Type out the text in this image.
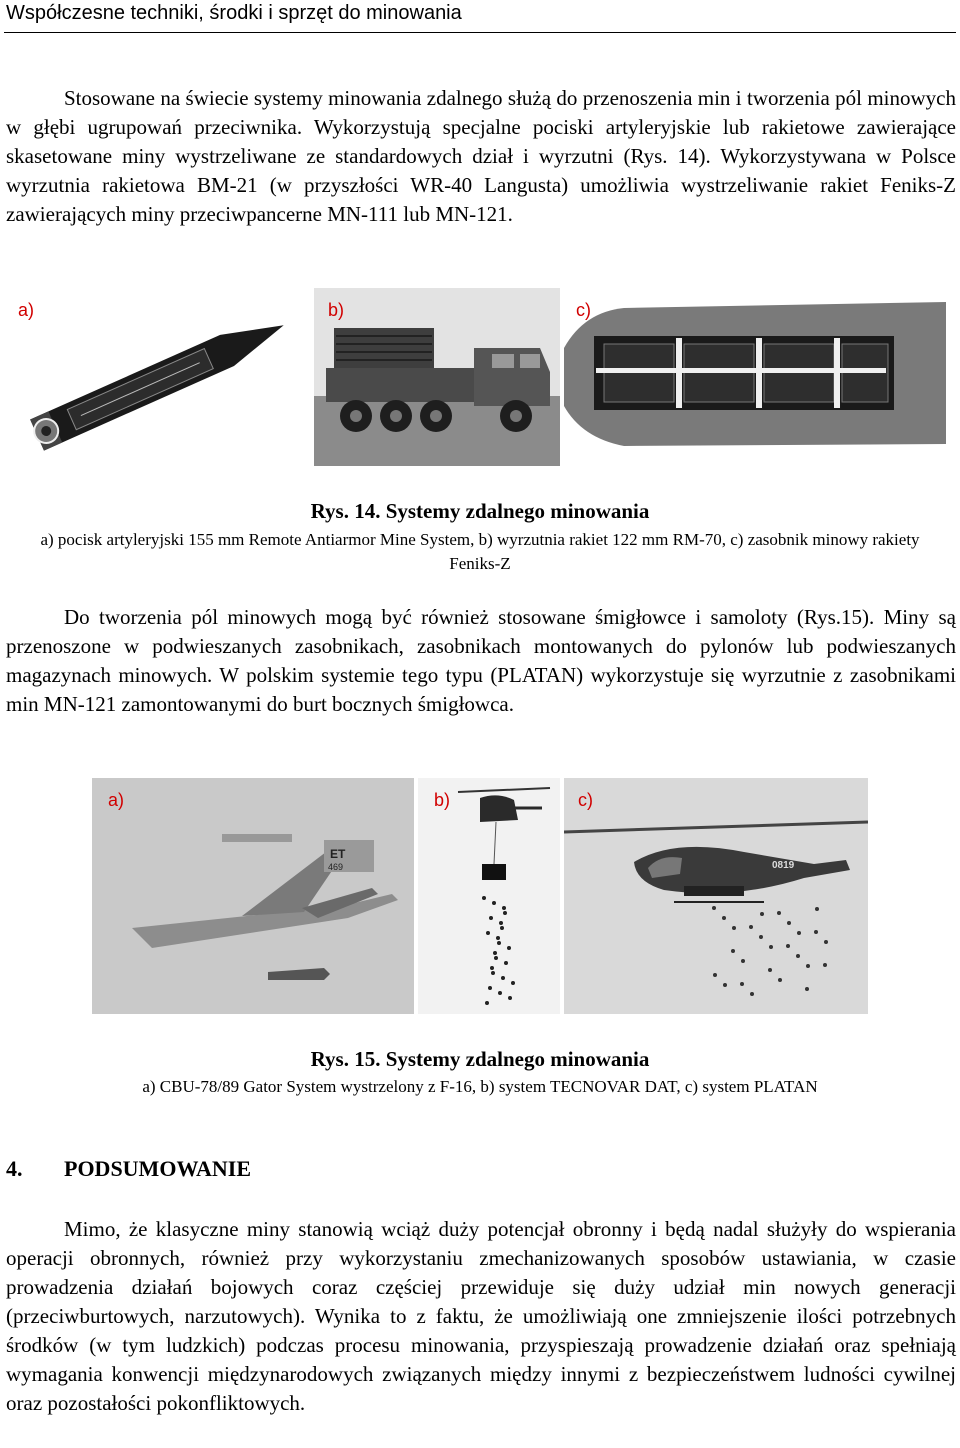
Współczesne techniki, środki i sprzęt do minowania

Stosowane na świecie systemy minowania zdalnego służą do przenoszenia min i tworzenia pól minowych w głębi ugrupowań przeciwnika. Wykorzystują specjalne pociski artyleryjskie lub rakietowe zawierające skasetowane miny wystrzeliwane ze standardowych dział i wyrzutni (Rys. 14). Wykorzystywana w Polsce wyrzutnia rakietowa BM-21 (w przyszłości WR-40 Langusta) umożliwia wystrzeliwanie rakiet Feniks-Z zawierających miny przeciwpancerne MN-111 lub MN-121.

a)	b)	c)
Rys. 14. Systemy zdalnego minowania
a) pocisk artyleryjski 155 mm Remote Antiarmor Mine System, b) wyrzutnia rakiet 122 mm RM-70, c) zasobnik minowy rakiety Feniks-Z

Do tworzenia pól minowych mogą być również stosowane śmigłowce i samoloty (Rys.15). Miny są przenoszone w podwieszanych zasobnikach, zasobnikach montowanych do pylonów lub podwieszanych magazynach minowych. W polskim systemie tego typu (PLATAN) wykorzystuje się wyrzutnie z zasobnikami min MN-121 zamontowanymi do burt bocznych śmigłowca.

ET
469
a)	b)
0819
c)
Rys. 15. Systemy zdalnego minowania
a) CBU-78/89 Gator System wystrzelony z F-16, b) system TECNOVAR DAT, c) system PLATAN
4. PODSUMOWANIE

Mimo, że klasyczne miny stanowią wciąż duży potencjał obronny i będą nadal służyły do wspierania operacji obronnych, również przy wykorzystaniu zmechanizowanych sposobów ustawiania, w czasie prowadzenia działań bojowych coraz częściej przewiduje się duży udział min nowych generacji (przeciwburtowych, narzutowych). Wynika to z faktu, że umożliwiają one zmniejszenie ilości potrzebnych środków (w tym ludzkich) podczas procesu minowania, przyspieszają prowadzenie działań oraz spełniają wymagania konwencji międzynarodowych związanych między innymi z bezpieczeństwem ludności cywilnej oraz pozostałości pokonfliktowych.
